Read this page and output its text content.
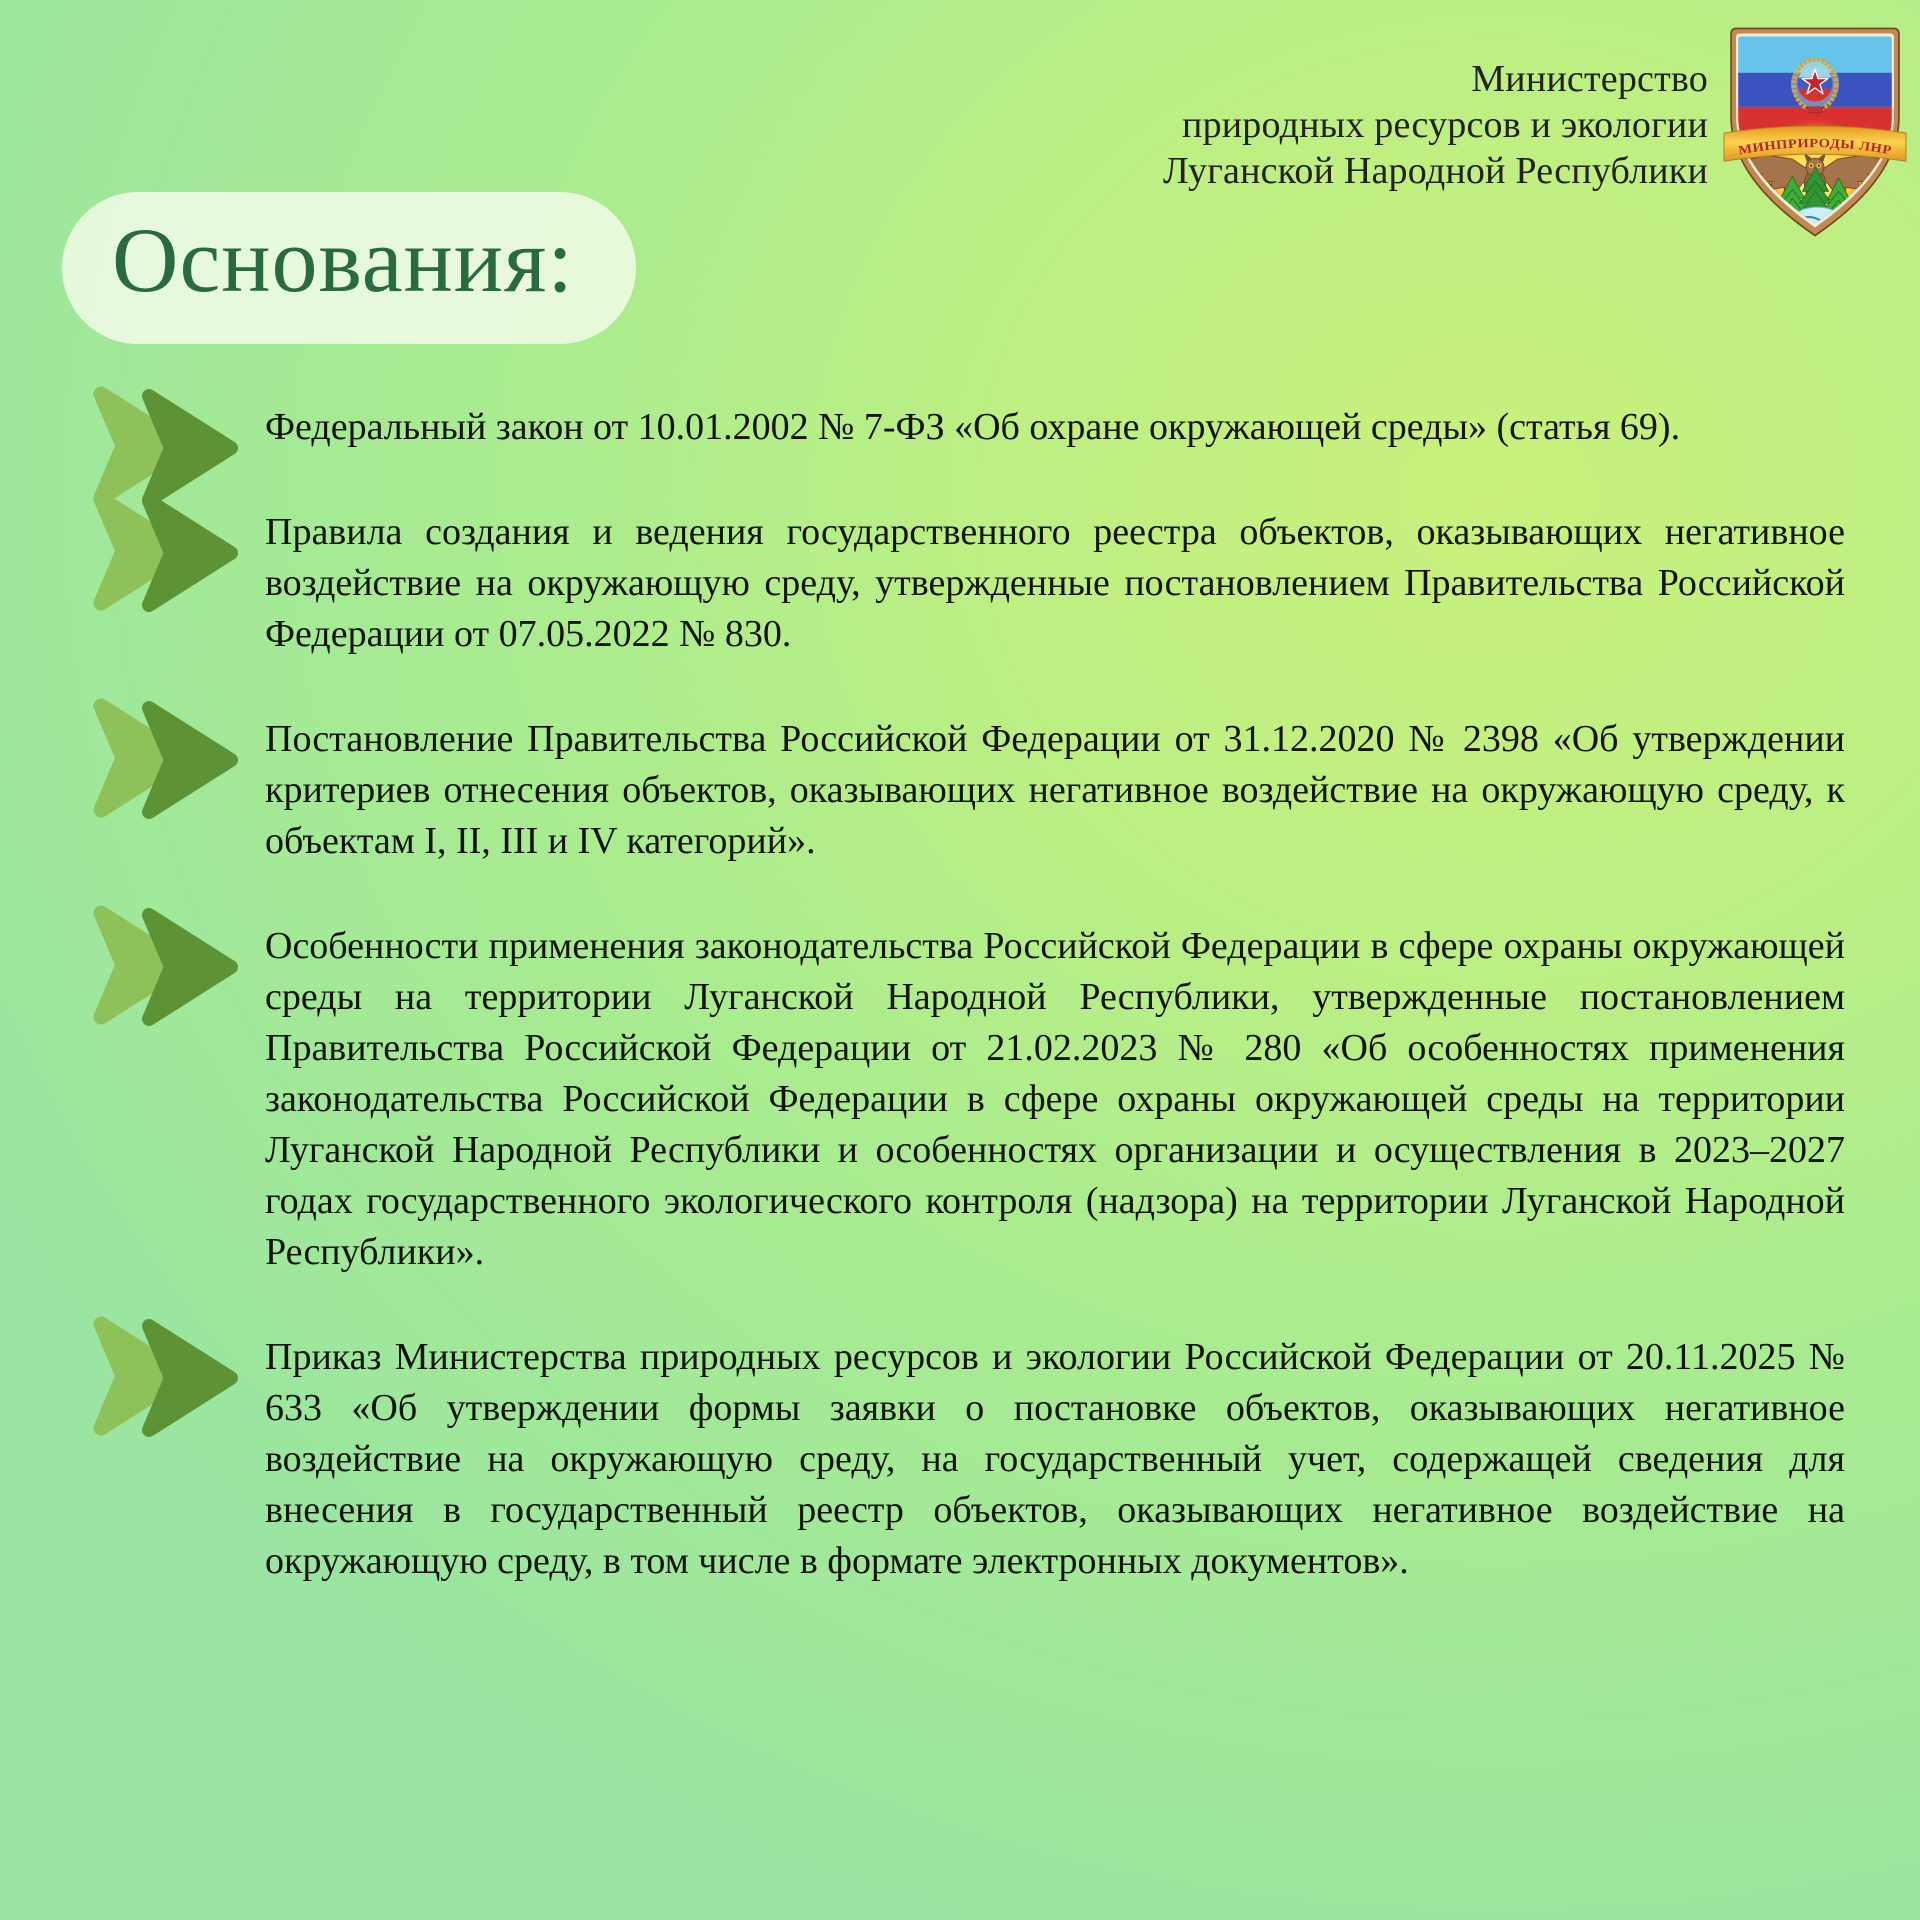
Министерство
природных ресурсов и экологии
Луганской Народной Республики
МИНПРИРОДЫ ЛНР
Основания:
Федеральный закон от 10.01.2002 № 7-ФЗ «Об охране окружающей среды» (статья 69).
Правила создания и ведения государственного реестра объектов, оказывающих негативное воздействие на окружающую среду, утвержденные постановлением Правительства Российской Федерации от 07.05.2022 № 830.
Постановление Правительства Российской Федерации от 31.12.2020 № 2398 «Об утверждении критериев отнесения объектов, оказывающих негативное воздействие на окружающую среду, к объектам I, II, III и IV категорий».
Особенности применения законодательства Российской Федерации в сфере охраны окружающей среды на территории Луганской Народной Республики, утвержденные постановлением Правительства Российской Федерации от 21.02.2023 № 280 «Об особенностях применения законодательства Российской Федерации в сфере охраны окружающей среды на территории Луганской Народной Республики и особенностях организации и осуществления в 2023–2027 годах государственного экологического контроля (надзора) на территории Луганской Народной Республики».
Приказ Министерства природных ресурсов и экологии Российской Федерации от 20.11.2025 № 633 «Об утверждении формы заявки о постановке объектов, оказывающих негативное воздействие на окружающую среду, на государственный учет, содержащей сведения для внесения в государственный реестр объектов, оказывающих негативное воздействие на окружающую среду, в том числе в формате электронных документов».
